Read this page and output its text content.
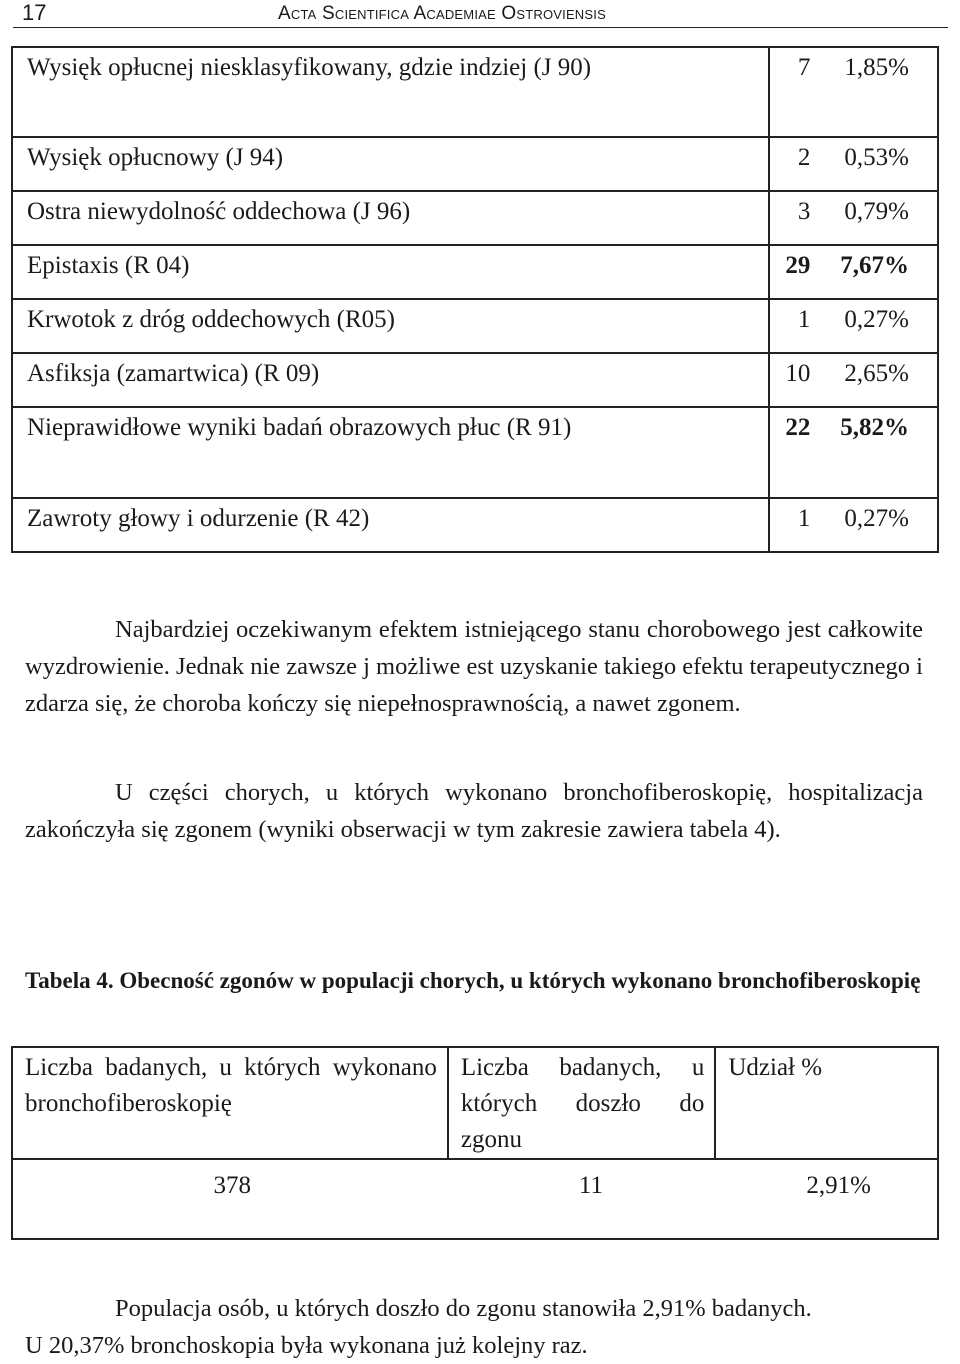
17	Acta Scientifica Academiae Ostroviensis
Wysięk opłucnej niesklasyfikowany, gdzie indziej (J 90)	7 1,85%

Wysięk opłucnowy (J 94)	2 0,53%

Ostra niewydolność oddechowa (J 96)	3 0,79%

Epistaxis (R 04)	29 7,67%

Krwotok z dróg oddechowych (R05)	1 0,27%

Asfiksja (zamartwica) (R 09)	10 2,65%

Nieprawidłowe wyniki badań obrazowych płuc (R 91)	22 5,82%

Zawroty głowy i odurzenie (R 42)	1 0,27%

Najbardziej oczekiwanym efektem istniejącego stanu chorobowego jest całkowite wyzdrowienie. Jednak nie zawsze j możliwe est uzyskanie takiego efektu terapeutycznego i zdarza się, że choroba kończy się niepełnosprawnością, a nawet zgonem.

U części chorych, u których wykonano bronchofiberoskopię, hospitalizacja zakończyła się zgonem (wyniki obserwacji w tym zakresie zawiera tabela 4).

Tabela 4. Obecność zgonów w populacji chorych, u których wykonano bronchofiberoskopię

Liczba badanych, u których wykonano bronchofiberoskopię	Liczba badanych, u których doszło do zgonu	Udział %

378	11	2,91%

Populacja osób, u których doszło do zgonu stanowiła 2,91% badanych.
U 20,37% bronchoskopia była wykonana już kolejny raz.
